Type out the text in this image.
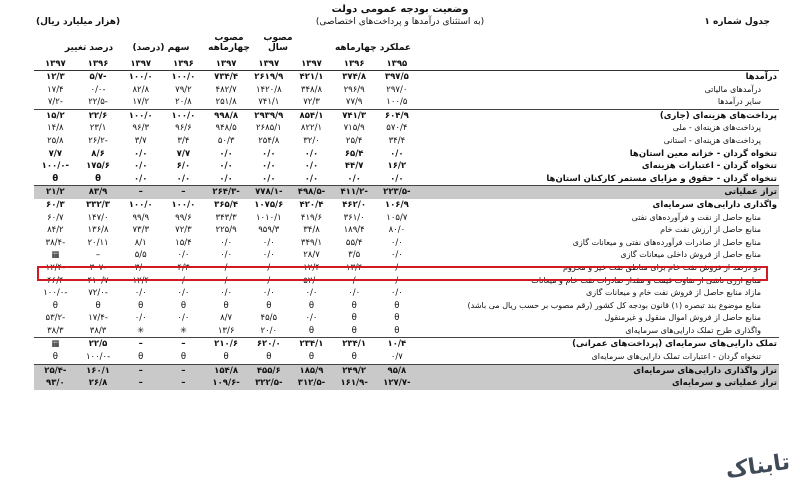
وضعیت بودجه عمومی دولت
(به استثنای درآمدها و پرداخت‌های اختصاصی)	جدول شماره ۱
(هزار میلیارد ریال)
درصد تغییر سهم (درصد)
مصوب چهارماهه
مصوب سال	عملکرد چهارماهه
	۱۳۹۵	۱۳۹۶	۱۳۹۷	۱۳۹۷	۱۳۹۷	۱۳۹۶	۱۳۹۷	۱۳۹۶	۱۳۹۷
درآمدها	۳۹۷/۵	۳۷۴/۸	۴۲۱/۱	۲۶۱۹/۹	۷۳۴/۴	۱۰۰/۰	۱۰۰/۰	-۵/۷	۱۲/۳
درآمدهای مالیاتی	۲۹۷/۰	۲۹۶/۹	۳۴۸/۸	۱۴۲۰/۸	۴۸۲/۷	۷۹/۲	۸۲/۸	-۰/۰	۱۷/۴
سایر درآمدها	۱۰۰/۵	۷۷/۹	۷۲/۳	۷۴۱/۱	۲۵۱/۸	۲۰/۸	۱۷/۲	-۲۲/۵	-۷/۲
پرداخت‌های هزینه‌ای (جاری)	۶۰۴/۹	۷۴۱/۳	۸۵۴/۱	۲۹۳۹/۹	۹۹۸/۸	۱۰۰/۰	۱۰۰/۰	۲۲/۶	۱۵/۲
پرداخت‌های هزینه‌ای - ملی	۵۷۰/۴	۷۱۵/۹	۸۲۲/۱	۲۶۸۵/۱	۹۴۸/۵	۹۶/۶	۹۶/۳	۲۳/۱	۱۴/۸
پرداخت‌های هزینه‌ای - استانی	۳۴/۴	۲۵/۴	۳۲/۰	۲۵۴/۸	۵۰/۳	۳/۴	۳/۷	-۲۶/۲	۲۵/۸
تنخواه گردان - خزانه معین استان‌ها	۰/۰	۶۵/۴	۰/۰	۰/۰	۰/۰	۷/۷	۰/۰	۸/۶	۷/۷
تنخواه گردان - اعتبارات هزینه‌ای	۱۶/۲	۴۴/۷	۰/۰	۰/۰	۰/۰	۶/۰	۰/۰	۱۷۵/۶	-۱۰۰/۰
تنخواه گردان - حقوق و مزایای مستمر کارکنان استان‌ها	۰/۰	۰/۰	۰/۰	۰/۰	۰/۰	۰/۰	۰/۰	θ	θ
تراز عملیاتی	-۲۲۳/۵	-۴۱۱/۲	-۴۹۸/۵	-۷۷۸/۱	-۲۶۴/۳	–	–	۸۳/۹	۲۱/۲
واگذاری دارایی‌های سرمایه‌ای	۱۰۶/۹	۴۶۲/۰	۴۲۰/۴	۱۰۷۵/۶	۳۶۵/۴	۱۰۰/۰	۱۰۰/۰	۳۳۲/۳	۶۰/۳
منابع حاصل از نفت و فرآورده‌های نفتی	۱۰۵/۷	۳۶۱/۰	۴۱۹/۶	۱۰۱۰/۱	۳۴۳/۳	۹۹/۶	۹۹/۹	۱۴۷/۰	۶۰/۷
منابع حاصل از ارزش نفت خام	۸۰/۰	۱۸۹/۴	۳۴/۸	۹۵۹/۳	۲۲۵/۹	۷۲/۳	۷۳/۳	۱۳۶/۸	۸۴/۲
منابع حاصل از صادرات فرآورده‌های نفتی و میعانات گازی	۰/۰	۵۵/۴	۳۴۹/۱	۰/۰	۰/۰	۱۵/۴	۸/۱	۲۰/۱۱	-۳۸/۴
منابع حاصل از فروش داخلی میعانات گازی	۰/۰	۳/۵	۲۸/۷	۰/۰	۰/۰	۰/۰	۵/۵	–	▦
دو درصد از فروش نفت خام برای مناطق نفت خیز و محروم	۰/۰	۱۳/۴	۱۲/۴	۰/۰	۰/۰	۴/۳	۳/۰	-۳۰۷	-۱۲/۴
منابع ارزی ناشی از تفاوت قیمت و مقدار صادرات نفت خام و میعانات	۰/۰	۰/۰	۵۲/۰	۰/۰	۰/۰	۰/۰	۱۲/۴	۴۱۰/۷	۴۶/۴
مازاد منابع حاصل از فروش نفت خام و میعانات گازی	۰/۰	۰/۰	۰/۰	۰/۰	۰/۰	۰/۰	۰/۰	-۷۲/۰	-۱۰۰/۰
منابع موضوع بند تبصره (۱) قانون بودجه کل کشور (رقم مصوب بر حسب ریال می باشد)	θ	θ	θ	θ	θ	θ	θ	θ	θ
منابع حاصل از فروش اموال منقول و غیرمنقول	θ	θ	۰/۰	۴۵/۵	۸/۷	۰/۰	۰/۰	-۱۷/۴	-۵۳/۲
واگذاری طرح تملک دارایی‌های سرمایه‌ای	θ	θ	θ	۲۰/۰	۱۳/۶	✳	✳	۳۸/۳	۳۸/۳
تملک دارایی‌های سرمایه‌ای (پرداخت‌های عمرانی)	۱۰/۴	۲۳۴/۱	۲۳۴/۱	۶۲۰/۰	۲۱۰/۶	–	–	۲۲/۵	▦
تنخواه گردان - اعتبارات تملک دارایی‌های سرمایه‌ای	۰/۷	θ	θ	θ	θ	θ	θ	-۱۰۰/۰	θ
تراز واگذاری دارایی‌های سرمایه‌ای	۹۵/۸	۲۴۹/۲	۱۸۵/۹	۴۵۵/۶	۱۵۴/۸	–	–	۱۶۰/۱	-۲۵/۴
تراز عملیاتی و سرمایه‌ای	-۱۲۷/۷	-۱۶۱/۹	-۳۱۲/۵	-۳۲۲/۵	-۱۰۹/۶	–	–	۲۶/۸	۹۳/۰
تابناک
